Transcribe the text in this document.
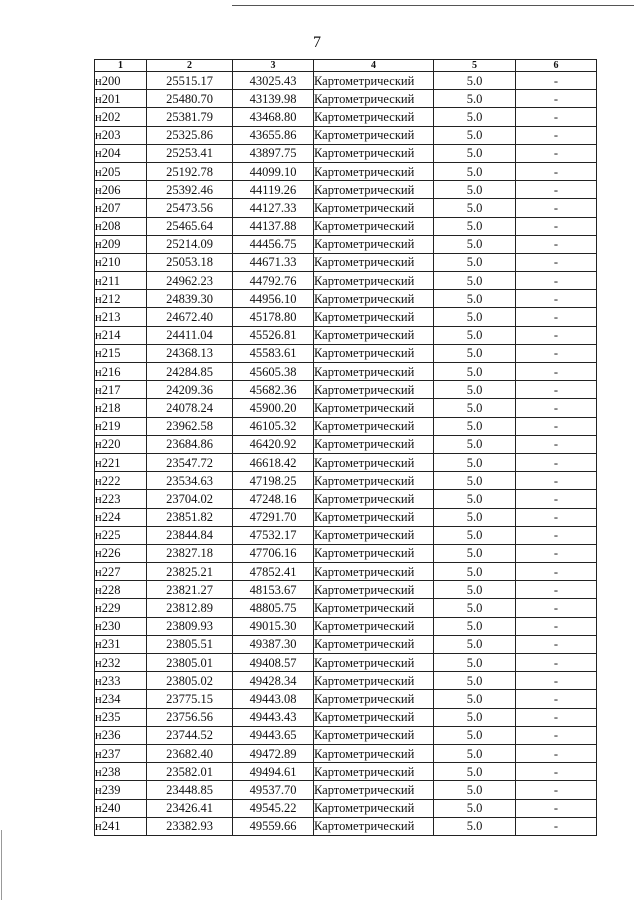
7
1	2	3	4	5	6
н200	25515.17	43025.43	Картометрический	5.0	-
н201	25480.70	43139.98	Картометрический	5.0	-
н202	25381.79	43468.80	Картометрический	5.0	-
н203	25325.86	43655.86	Картометрический	5.0	-
н204	25253.41	43897.75	Картометрический	5.0	-
н205	25192.78	44099.10	Картометрический	5.0	-
н206	25392.46	44119.26	Картометрический	5.0	-
н207	25473.56	44127.33	Картометрический	5.0	-
н208	25465.64	44137.88	Картометрический	5.0	-
н209	25214.09	44456.75	Картометрический	5.0	-
н210	25053.18	44671.33	Картометрический	5.0	-
н211	24962.23	44792.76	Картометрический	5.0	-
н212	24839.30	44956.10	Картометрический	5.0	-
н213	24672.40	45178.80	Картометрический	5.0	-
н214	24411.04	45526.81	Картометрический	5.0	-
н215	24368.13	45583.61	Картометрический	5.0	-
н216	24284.85	45605.38	Картометрический	5.0	-
н217	24209.36	45682.36	Картометрический	5.0	-
н218	24078.24	45900.20	Картометрический	5.0	-
н219	23962.58	46105.32	Картометрический	5.0	-
н220	23684.86	46420.92	Картометрический	5.0	-
н221	23547.72	46618.42	Картометрический	5.0	-
н222	23534.63	47198.25	Картометрический	5.0	-
н223	23704.02	47248.16	Картометрический	5.0	-
н224	23851.82	47291.70	Картометрический	5.0	-
н225	23844.84	47532.17	Картометрический	5.0	-
н226	23827.18	47706.16	Картометрический	5.0	-
н227	23825.21	47852.41	Картометрический	5.0	-
н228	23821.27	48153.67	Картометрический	5.0	-
н229	23812.89	48805.75	Картометрический	5.0	-
н230	23809.93	49015.30	Картометрический	5.0	-
н231	23805.51	49387.30	Картометрический	5.0	-
н232	23805.01	49408.57	Картометрический	5.0	-
н233	23805.02	49428.34	Картометрический	5.0	-
н234	23775.15	49443.08	Картометрический	5.0	-
н235	23756.56	49443.43	Картометрический	5.0	-
н236	23744.52	49443.65	Картометрический	5.0	-
н237	23682.40	49472.89	Картометрический	5.0	-
н238	23582.01	49494.61	Картометрический	5.0	-
н239	23448.85	49537.70	Картометрический	5.0	-
н240	23426.41	49545.22	Картометрический	5.0	-
н241	23382.93	49559.66	Картометрический	5.0	-
